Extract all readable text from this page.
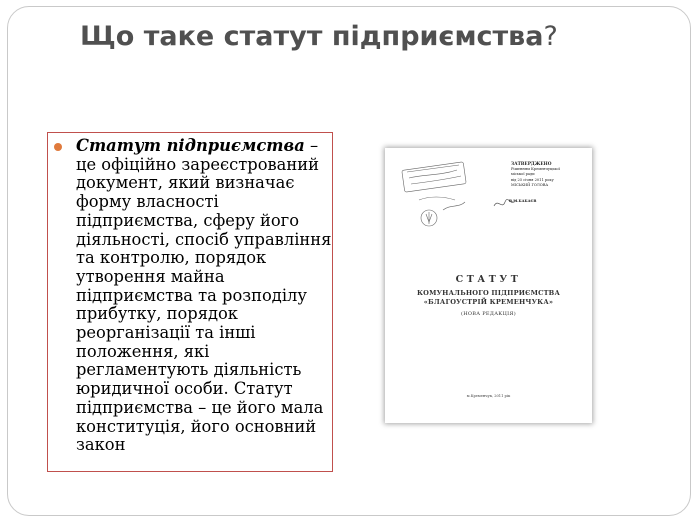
Що таке статут підприємства?
Статут підприємства – це офіційно зареєстрований документ, який визначає форму власності підприємства, сферу його діяльності, спосіб управління та контролю, порядок утворення майна підприємства та розподілу прибутку, порядок реорганізації та інші положення, які регламентують діяльність юридичної особи. Статут підприємства – це його мала конституція, його основний закон
ЗАТВЕРДЖЕНО
Рішенням Кременчуцької
міської ради
від 25 січня 2011 року
МІСЬКИЙ ГОЛОВА
В.М.БАБАЄВ
СТАТУТ
КОМУНАЛЬНОГО ПІДПРИЄМСТВА
«БЛАГОУСТРІЙ КРЕМЕНЧУКА»
(НОВА РЕДАКЦІЯ)
м.Кременчук, 2011 рік
